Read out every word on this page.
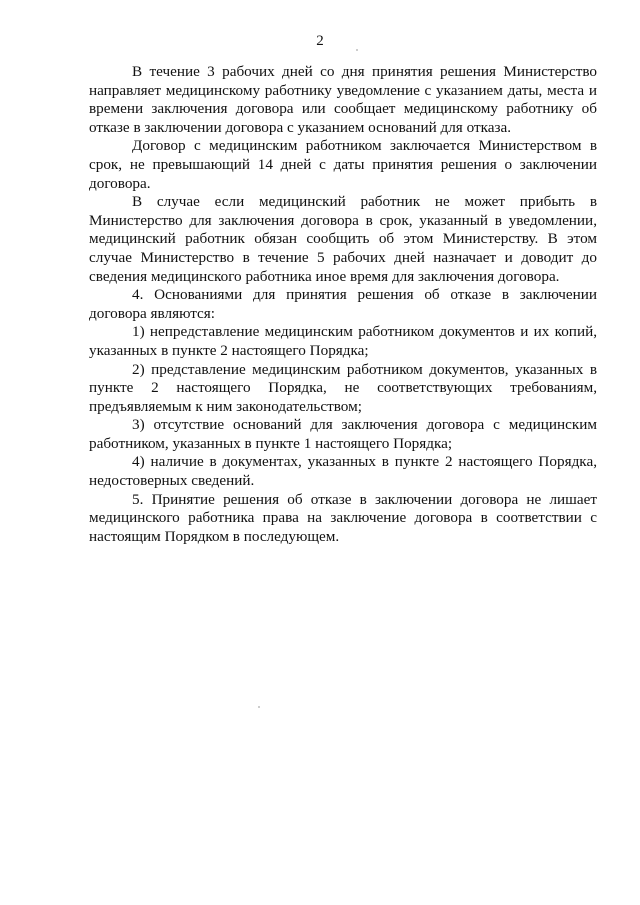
2

В течение 3 рабочих дней со дня принятия решения Министерство направляет медицинскому работнику уведомление с указанием даты, места и времени заключения договора или сообщает медицинскому работнику об отказе в заключении договора с указанием оснований для отказа.

Договор с медицинским работником заключается Министерством в срок, не превышающий 14 дней с даты принятия решения о заключении договора.

В случае если медицинский работник не может прибыть в Министерство для заключения договора в срок, указанный в уведомлении, медицинский работник обязан сообщить об этом Министерству. В этом случае Министерство в течение 5 рабочих дней назначает и доводит до сведения медицинского работника иное время для заключения договора.

4. Основаниями для принятия решения об отказе в заключении договора являются:

1) непредставление медицинским работником документов и их копий, указанных в пункте 2 настоящего Порядка;

2) представление медицинским работником документов, указанных в пункте 2 настоящего Порядка, не соответствующих требованиям, предъявляемым к ним законодательством;

3) отсутствие оснований для заключения договора с медицинским работником, указанных в пункте 1 настоящего Порядка;

4) наличие в документах, указанных в пункте 2 настоящего Порядка, недостоверных сведений.

5. Принятие решения об отказе в заключении договора не лишает медицинского работника права на заключение договора в соответствии с настоящим Порядком в последующем.
